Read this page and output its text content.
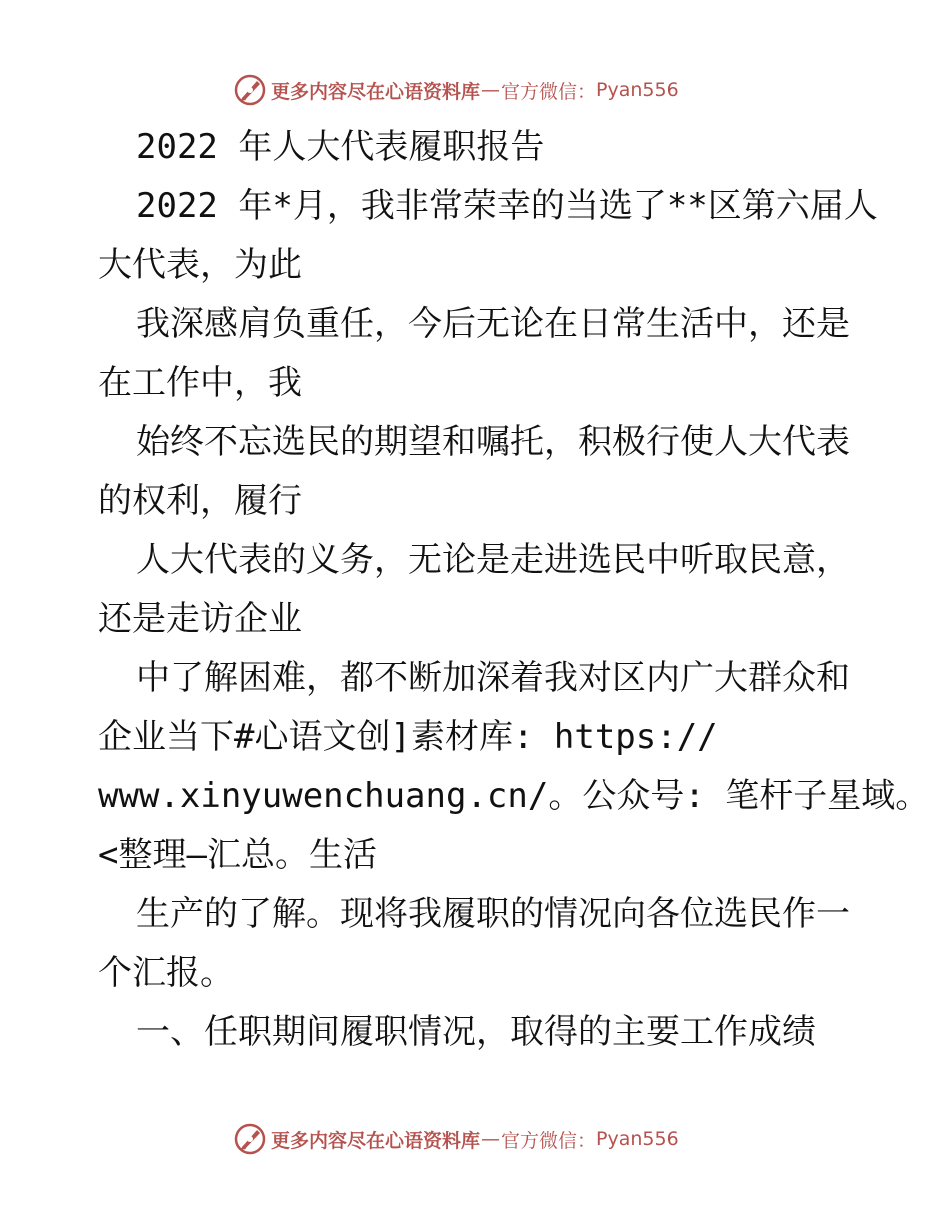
更多内容尽在心语资料库 — 官方微信： Pyan556
2022 年人大代表履职报告
2022 年*月，我非常荣幸的当选了**区第六届人
大代表，为此
我深感肩负重任，今后无论在日常生活中，还是
在工作中，我
始终不忘选民的期望和嘱托，积极行使人大代表
的权利，履行
人大代表的义务，无论是走进选民中听取民意，
还是走访企业
中了解困难，都不断加深着我对区内广大群众和
企业当下#心语文创]素材库: https://
www.xinyuwenchuang.cn/。公众号: 笔杆子星域。
<整理—汇总。生活
生产的了解。现将我履职的情况向各位选民作一
个汇报。
一、任职期间履职情况，取得的主要工作成绩
更多内容尽在心语资料库 — 官方微信： Pyan556
